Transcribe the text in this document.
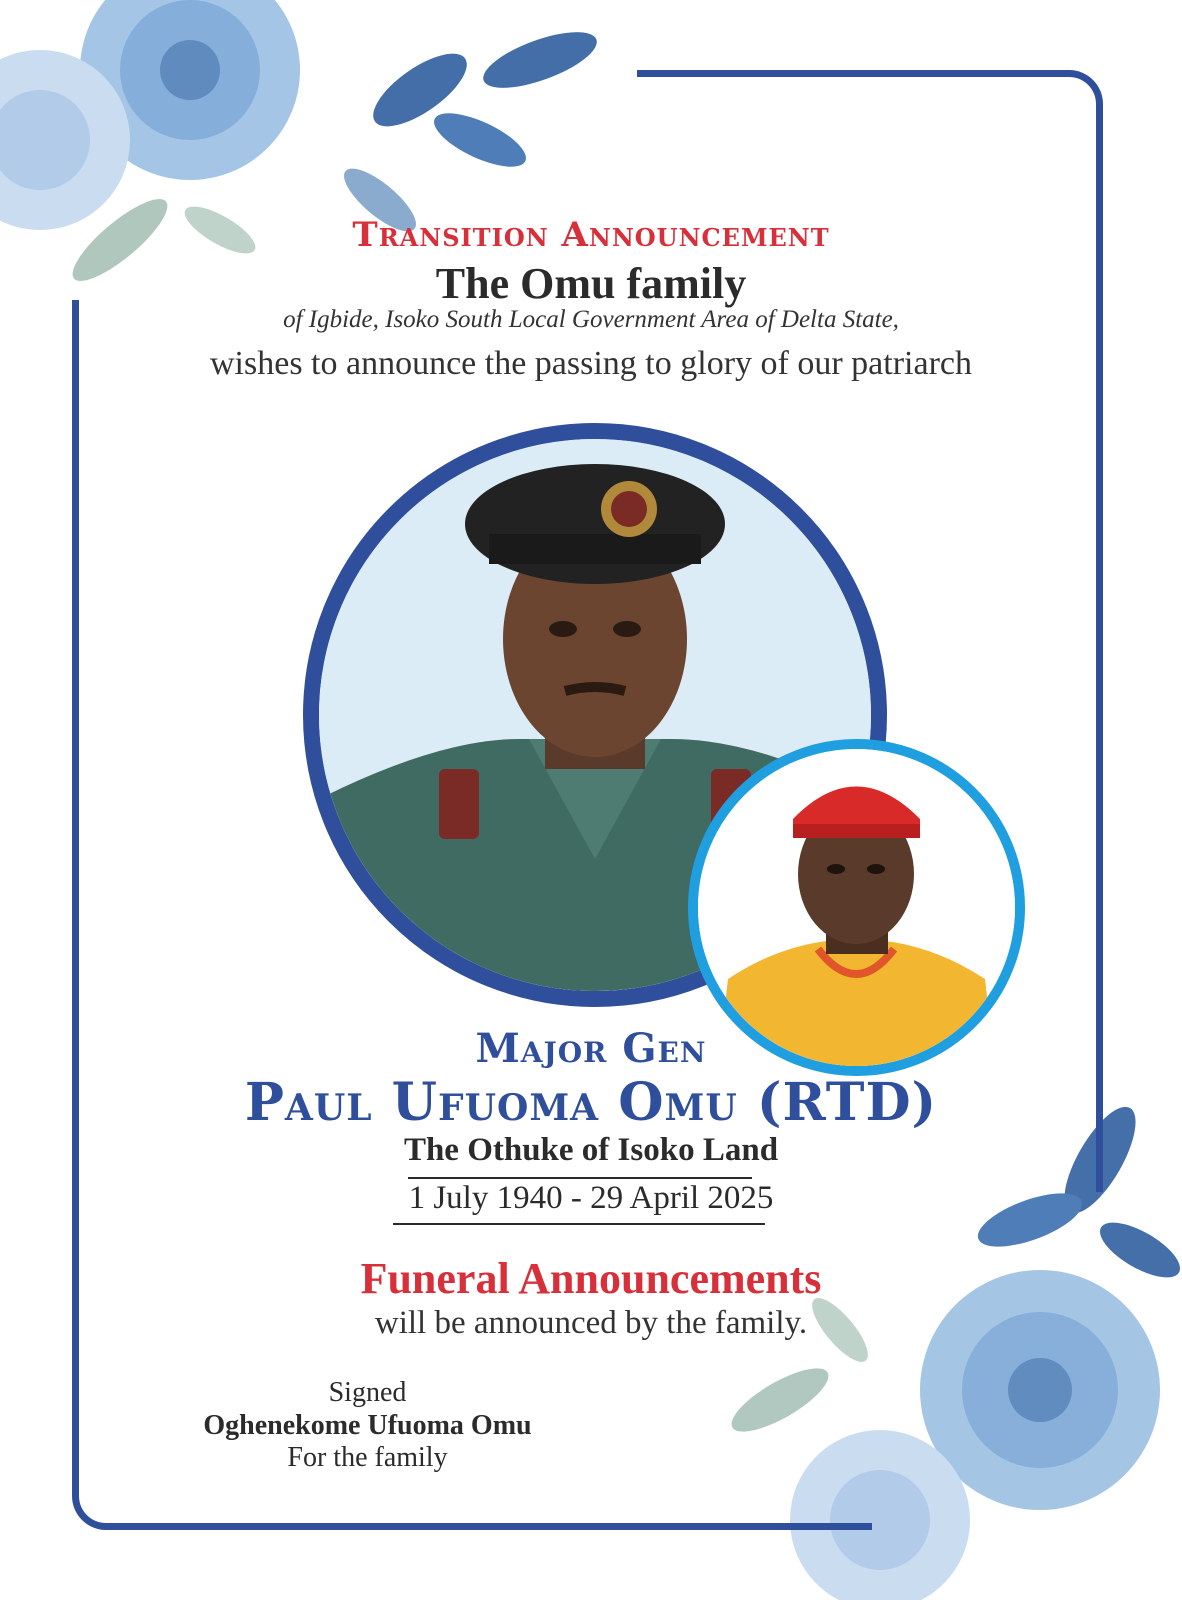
Transition Announcement
The Omu family
of Igbide, Isoko South Local Government Area of Delta State,
wishes to announce the passing to glory of our patriarch
Major Gen
Paul Ufuoma Omu (RTD)
The Othuke of Isoko Land
1 July 1940 - 29 April 2025
Funeral Announcements
will be announced by the family.
Signed
Oghenekome Ufuoma Omu
For the family
